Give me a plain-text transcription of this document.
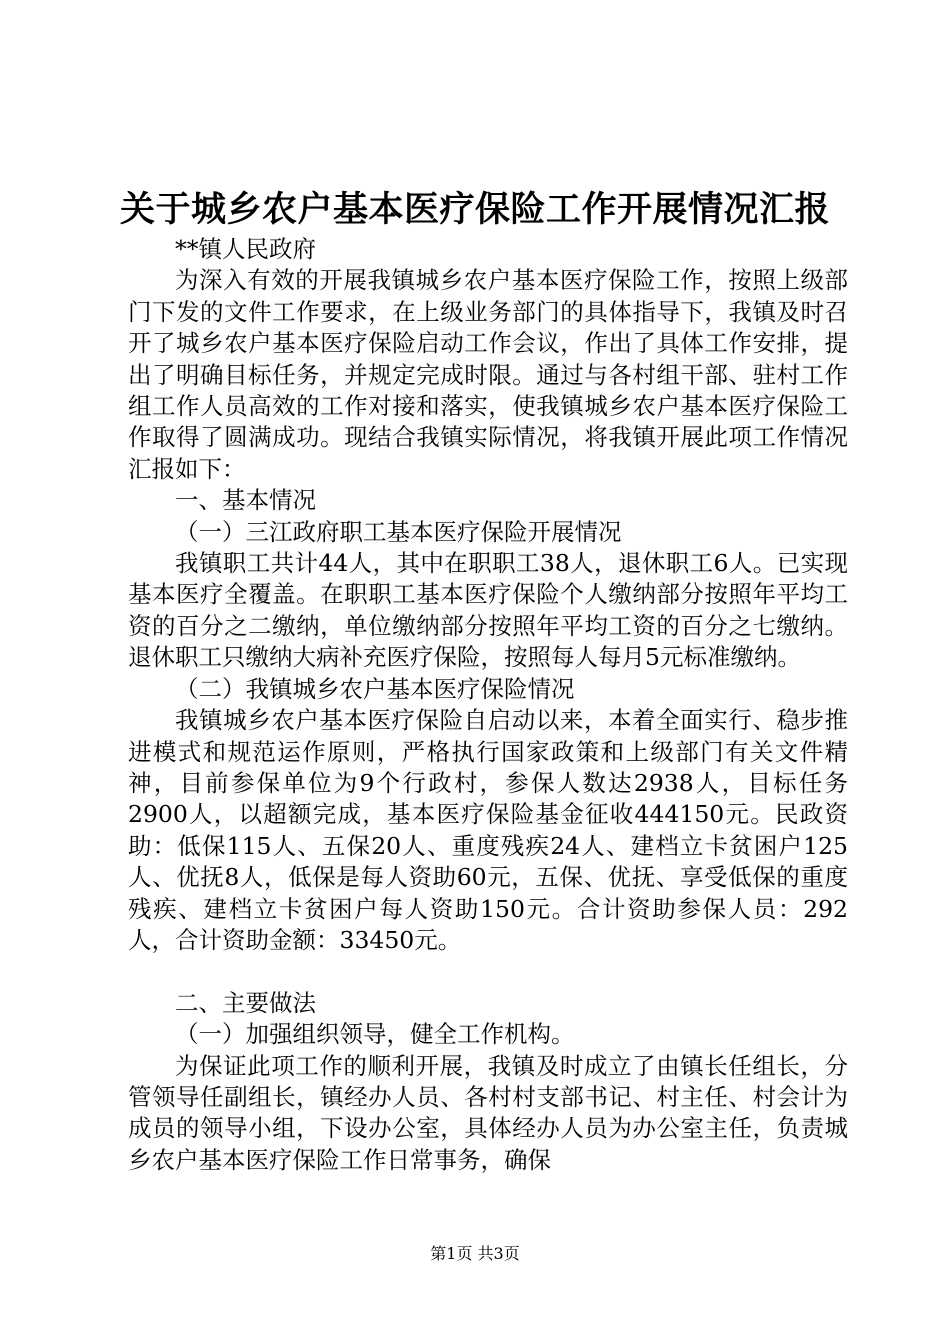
关于城乡农户基本医疗保险工作开展情况汇报

**镇人民政府

为深入有效的开展我镇城乡农户基本医疗保险工作，按照上级部门下发的文件工作要求，在上级业务部门的具体指导下，我镇及时召开了城乡农户基本医疗保险启动工作会议，作出了具体工作安排，提出了明确目标任务，并规定完成时限。通过与各村组干部、驻村工作组工作人员高效的工作对接和落实，使我镇城乡农户基本医疗保险工作取得了圆满成功。现结合我镇实际情况，将我镇开展此项工作情况汇报如下：

一、基本情况

（一）三江政府职工基本医疗保险开展情况

我镇职工共计44人，其中在职职工38人，退休职工6人。已实现基本医疗全覆盖。在职职工基本医疗保险个人缴纳部分按照年平均工资的百分之二缴纳，单位缴纳部分按照年平均工资的百分之七缴纳。退休职工只缴纳大病补充医疗保险，按照每人每月5元标准缴纳。

（二）我镇城乡农户基本医疗保险情况

我镇城乡农户基本医疗保险自启动以来，本着全面实行、稳步推进模式和规范运作原则，严格执行国家政策和上级部门有关文件精神，目前参保单位为9个行政村，参保人数达2938人，目标任务2900人，以超额完成，基本医疗保险基金征收444150元。民政资助：低保115人、五保20人、重度残疾24人、建档立卡贫困户125人、优抚8人，低保是每人资助60元，五保、优抚、享受低保的重度残疾、建档立卡贫困户每人资助150元。合计资助参保人员：292人，合计资助金额：33450元。

二、主要做法

（一）加强组织领导，健全工作机构。

为保证此项工作的顺利开展，我镇及时成立了由镇长任组长，分管领导任副组长，镇经办人员、各村村支部书记、村主任、村会计为成员的领导小组，下设办公室，具体经办人员为办公室主任，负责城乡农户基本医疗保险工作日常事务，确保

第1页 共3页
